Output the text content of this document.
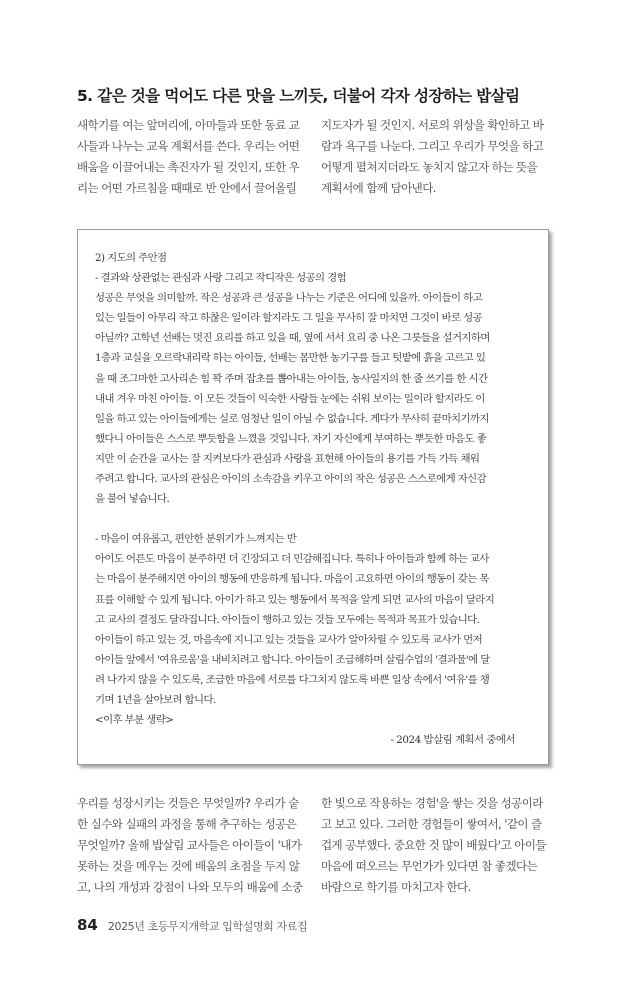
5. 같은 것을 먹어도 다른 맛을 느끼듯, 더불어 각자 성장하는 밥살림

새학기를 여는 앞머리에, 아마들과 또한 동료 교

사들과 나누는 교육 계획서를 쓴다. 우리는 어떤

배움을 이끌어내는 촉진자가 될 것인지, 또한 우

리는 어떤 가르침을 때때로 반 안에서 끌어올릴

지도자가 될 것인지. 서로의 위상을 확인하고 바

람과 욕구를 나눈다. 그리고 우리가 무엇을 하고

어떻게 펼쳐지더라도 놓치지 않고자 하는 뜻을

계획서에 함께 담아낸다.

2) 지도의 주안점

- 결과와 상관없는 관심과 사랑 그리고 작디작은 성공의 경험

성공은 무엇을 의미할까. 작은 성공과 큰 성공을 나누는 기준은 어디에 있을까. 아이들이 하고

있는 일들이 아무리 작고 하찮은 일이라 할지라도 그 일을 무사히 잘 마치면 그것이 바로 성공

아닐까? 고학년 선배는 멋진 요리를 하고 있을 때, 옆에 서서 요리 중 나온 그릇들을 설거지하며

1층과 교실을 오르락내리락 하는 아이들, 선배는 몸만한 농기구를 들고 텃밭에 흙을 고르고 있

을 때 조그마한 고사리손 힘 꽉 주며 잡초를 뽑아내는 아이들, 농사일지의 한 줄 쓰기를 한 시간

내내 겨우 마친 아이들. 이 모든 것들이 익숙한 사람들 눈에는 쉬워 보이는 일이라 할지라도 이

일을 하고 있는 아이들에게는 실로 엄청난 일이 아닐 수 없습니다. 게다가 무사히 끝마치기까지

했다니 아이들은 스스로 뿌듯함을 느꼈을 것입니다. 자기 자신에게 부여하는 뿌듯한 마음도 좋

지만 이 순간을 교사는 잘 지켜보다가 관심과 사랑을 표현해 아이들의 용기를 가득 가득 채워

주려고 합니다. 교사의 관심은 아이의 소속감을 키우고 아이의 작은 성공은 스스로에게 자신감

을 불어 넣습니다.

- 마음이 여유롭고, 편안한 분위기가 느껴지는 반

아이도 어른도 마음이 분주하면 더 긴장되고 더 민감해집니다. 특히나 아이들과 함께 하는 교사

는 마음이 분주해지면 아이의 행동에 반응하게 됩니다. 마음이 고요하면 아이의 행동이 갖는 목

표를 이해할 수 있게 됩니다. 아이가 하고 있는 행동에서 목적을 알게 되면 교사의 마음이 달라지

고 교사의 결정도 달라집니다. 아이들이 행하고 있는 것들 모두에는 목적과 목표가 있습니다.

아이들이 하고 있는 것, 마음속에 지니고 있는 것들을 교사가 알아차릴 수 있도록 교사가 먼저

아이들 앞에서 '여유로움'을 내비치려고 합니다. 아이들이 조급해하며 살림수업의 '결과물'에 달

려 나가지 않을 수 있도록, 조급한 마음에 서로를 다그치지 않도록 바쁜 일상 속에서 '여유'를 챙

기며 1년을 살아보려 합니다.

<이후 부분 생략>

- 2024 밥살림 계획서 중에서

우리를 성장시키는 것들은 무엇일까? 우리가 숱

한 실수와 실패의 과정을 통해 추구하는 성공은

무엇일까? 올해 밥살림 교사들은 아이들이 '내가

못하는 것을 메우는 것에 배움의 초점을 두지 않

고, 나의 개성과 강점이 나와 모두의 배움에 소중

한 빛으로 작용하는 경험'을 쌓는 것을 성공이라

고 보고 있다. 그러한 경험들이 쌓여서, '같이 즐

겁게 공부했다. 중요한 것 많이 배웠다'고 아이들

마음에 떠오르는 무언가가 있다면 참 좋겠다는

바람으로 학기를 마치고자 한다.

84 2025년 초등무지개학교 입학설명회 자료집
